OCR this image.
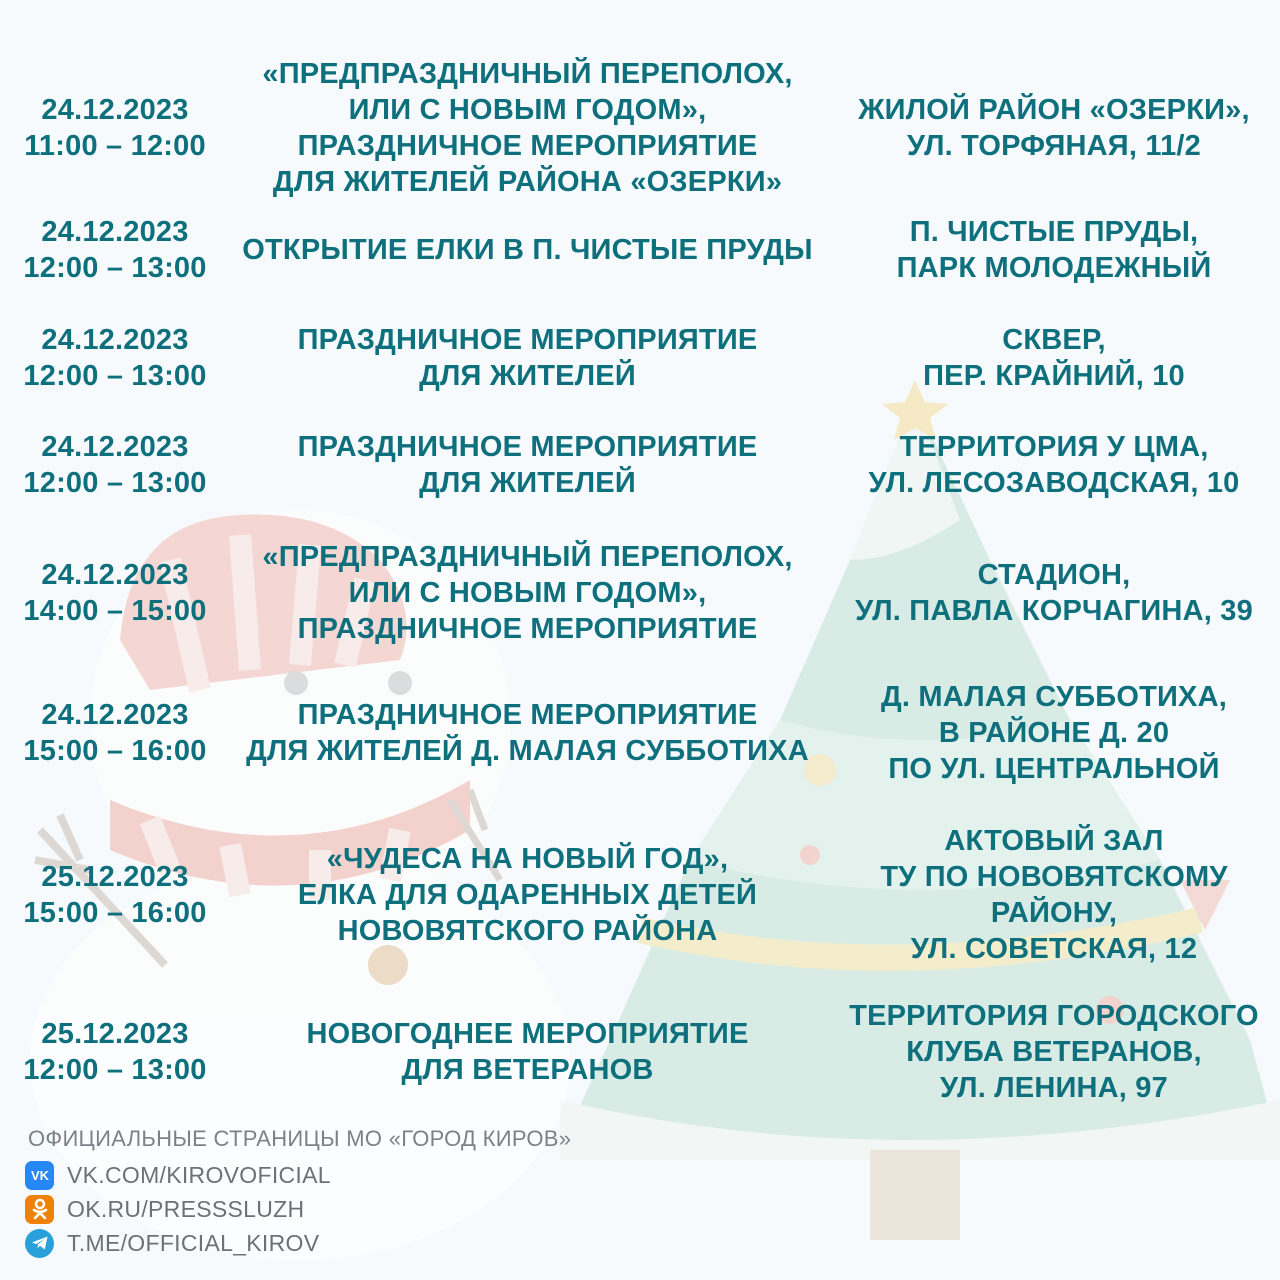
24.12.2023
11:00 – 12:00
«ПРЕДПРАЗДНИЧНЫЙ ПЕРЕПОЛОХ,
ИЛИ С НОВЫМ ГОДОМ»,
ПРАЗДНИЧНОЕ МЕРОПРИЯТИЕ
ДЛЯ ЖИТЕЛЕЙ РАЙОНА «ОЗЕРКИ»
ЖИЛОЙ РАЙОН «ОЗЕРКИ»,
УЛ. ТОРФЯНАЯ, 11/2
24.12.2023
12:00 – 13:00
ОТКРЫТИЕ ЕЛКИ В П. ЧИСТЫЕ ПРУДЫ
П. ЧИСТЫЕ ПРУДЫ,
ПАРК МОЛОДЕЖНЫЙ
24.12.2023
12:00 – 13:00
ПРАЗДНИЧНОЕ МЕРОПРИЯТИЕ
ДЛЯ ЖИТЕЛЕЙ
СКВЕР,
ПЕР. КРАЙНИЙ, 10
24.12.2023
12:00 – 13:00
ПРАЗДНИЧНОЕ МЕРОПРИЯТИЕ
ДЛЯ ЖИТЕЛЕЙ
ТЕРРИТОРИЯ У ЦМА,
УЛ. ЛЕСОЗАВОДСКАЯ, 10
24.12.2023
14:00 – 15:00
«ПРЕДПРАЗДНИЧНЫЙ ПЕРЕПОЛОХ,
ИЛИ С НОВЫМ ГОДОМ»,
ПРАЗДНИЧНОЕ МЕРОПРИЯТИЕ
СТАДИОН,
УЛ. ПАВЛА КОРЧАГИНА, 39
24.12.2023
15:00 – 16:00
ПРАЗДНИЧНОЕ МЕРОПРИЯТИЕ
ДЛЯ ЖИТЕЛЕЙ Д. МАЛАЯ СУББОТИХА
Д. МАЛАЯ СУББОТИХА,
В РАЙОНЕ Д. 20
ПО УЛ. ЦЕНТРАЛЬНОЙ
25.12.2023
15:00 – 16:00
«ЧУДЕСА НА НОВЫЙ ГОД»,
ЕЛКА ДЛЯ ОДАРЕННЫХ ДЕТЕЙ
НОВОВЯТСКОГО РАЙОНА
АКТОВЫЙ ЗАЛ
ТУ ПО НОВОВЯТСКОМУ
РАЙОНУ,
УЛ. СОВЕТСКАЯ, 12
25.12.2023
12:00 – 13:00
НОВОГОДНЕЕ МЕРОПРИЯТИЕ
ДЛЯ ВЕТЕРАНОВ
ТЕРРИТОРИЯ ГОРОДСКОГО
КЛУБА ВЕТЕРАНОВ,
УЛ. ЛЕНИНА, 97
ОФИЦИАЛЬНЫЕ СТРАНИЦЫ МО «ГОРОД КИРОВ»
VK VK.COM/KIROVOFICIAL
OK.RU/PRESSSLUZH
T.ME/OFFICIAL_KIROV
